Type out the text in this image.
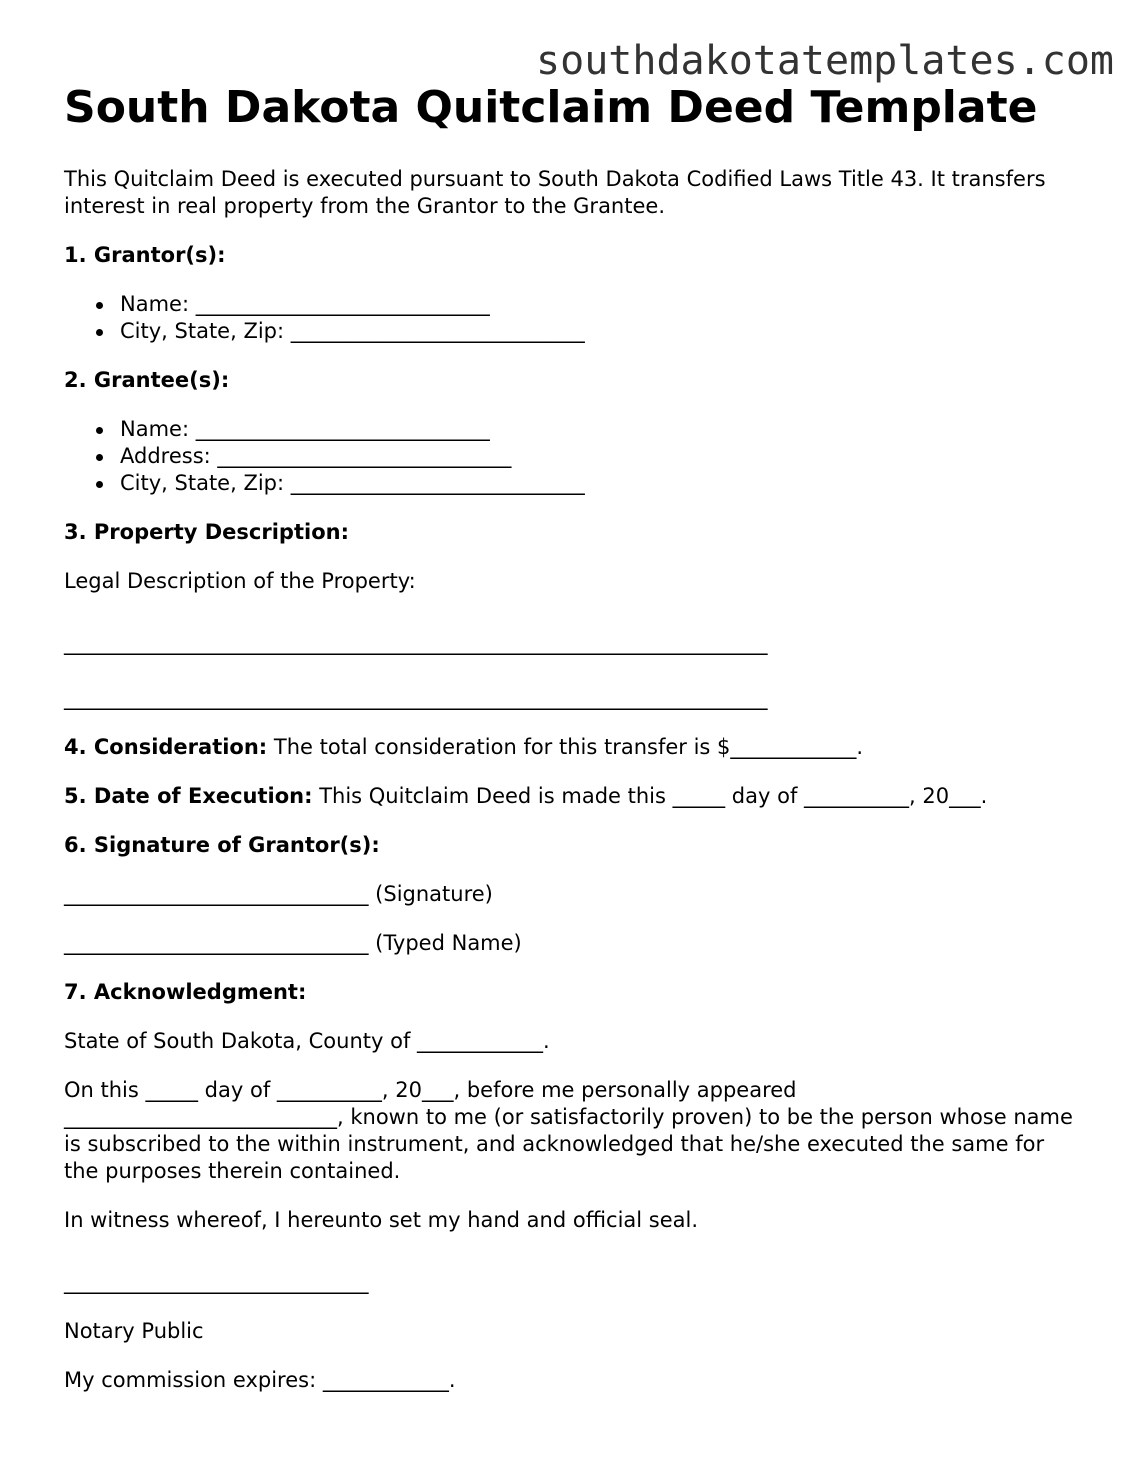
southdakotatemplates.com
South Dakota Quitclaim Deed Template

This Quitclaim Deed is executed pursuant to South Dakota Codified Laws Title 43. It transfers interest in real property from the Grantor to the Grantee.

1. Grantor(s):

Name: ____________________________
City, State, Zip: ____________________________

2. Grantee(s):

Name: ____________________________
Address: ____________________________
City, State, Zip: ____________________________

3. Property Description:

Legal Description of the Property:

___________________________________________________________________

___________________________________________________________________

4. Consideration: The total consideration for this transfer is $____________.

5. Date of Execution: This Quitclaim Deed is made this _____ day of __________, 20___.

6. Signature of Grantor(s):

_____________________________ (Signature)

_____________________________ (Typed Name)

7. Acknowledgment:

State of South Dakota, County of ____________.

On this _____ day of __________, 20___, before me personally appeared
__________________________, known to me (or satisfactorily proven) to be the person whose name is subscribed to the within instrument, and acknowledged that he/she executed the same for the purposes therein contained.

In witness whereof, I hereunto set my hand and official seal.

_____________________________

Notary Public

My commission expires: ____________.
